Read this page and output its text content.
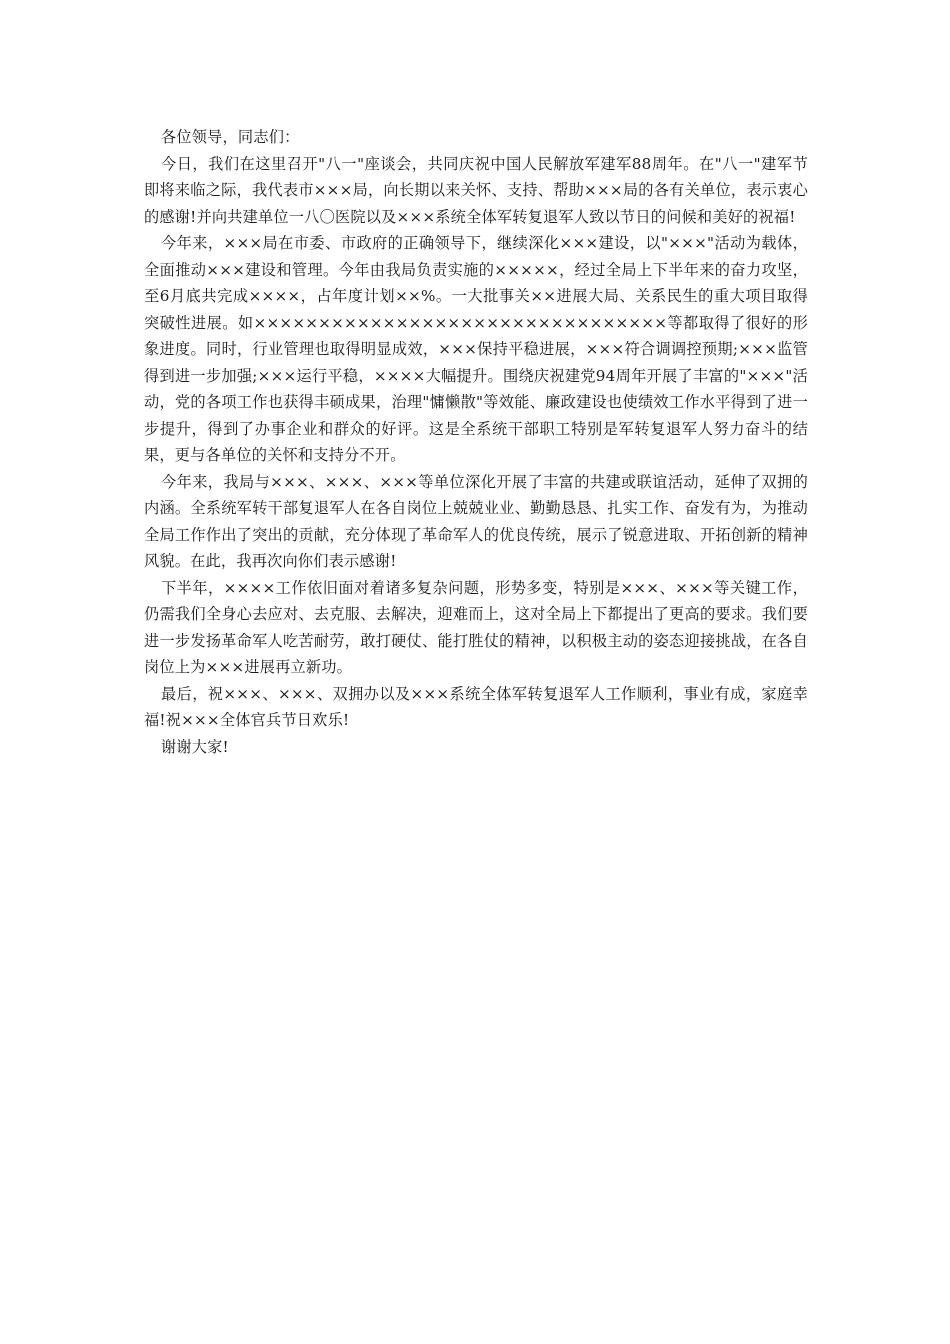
各位领导，同志们：

今日，我们在这里召开"八一"座谈会，共同庆祝中国人民解放军建军88周年。在"八一"建军节即将来临之际，我代表市×××局，向长期以来关怀、支持、帮助×××局的各有关单位，表示衷心的感谢!并向共建单位一八〇医院以及×××系统全体军转复退军人致以节日的问候和美好的祝福!

今年来，×××局在市委、市政府的正确领导下，继续深化×××建设，以"×××"活动为载体，全面推动×××建设和管理。今年由我局负责实施的×××××，经过全局上下半年来的奋力攻坚，至6月底共完成××××，占年度计划××%。一大批事关××进展大局、关系民生的重大项目取得突破性进展。如××××××××××××××××××××××××××××××××等都取得了很好的形象进度。同时，行业管理也取得明显成效，×××保持平稳进展，×××符合调调控预期;×××监管得到进一步加强;×××运行平稳，××××大幅提升。围绕庆祝建党94周年开展了丰富的"×××"活动，党的各项工作也获得丰硕成果，治理"慵懒散"等效能、廉政建设也使绩效工作水平得到了进一步提升，得到了办事企业和群众的好评。这是全系统干部职工特别是军转复退军人努力奋斗的结果，更与各单位的关怀和支持分不开。

今年来，我局与×××、×××、×××等单位深化开展了丰富的共建或联谊活动，延伸了双拥的内涵。全系统军转干部复退军人在各自岗位上兢兢业业、勤勤恳恳、扎实工作、奋发有为，为推动全局工作作出了突出的贡献，充分体现了革命军人的优良传统，展示了锐意进取、开拓创新的精神风貌。在此，我再次向你们表示感谢!

下半年，××××工作依旧面对着诸多复杂问题，形势多变，特别是×××、×××等关键工作，仍需我们全身心去应对、去克服、去解决，迎难而上，这对全局上下都提出了更高的要求。我们要进一步发扬革命军人吃苦耐劳，敢打硬仗、能打胜仗的精神，以积极主动的姿态迎接挑战，在各自岗位上为×××进展再立新功。

最后，祝×××、×××、双拥办以及×××系统全体军转复退军人工作顺利，事业有成，家庭幸福!祝×××全体官兵节日欢乐!

谢谢大家!
